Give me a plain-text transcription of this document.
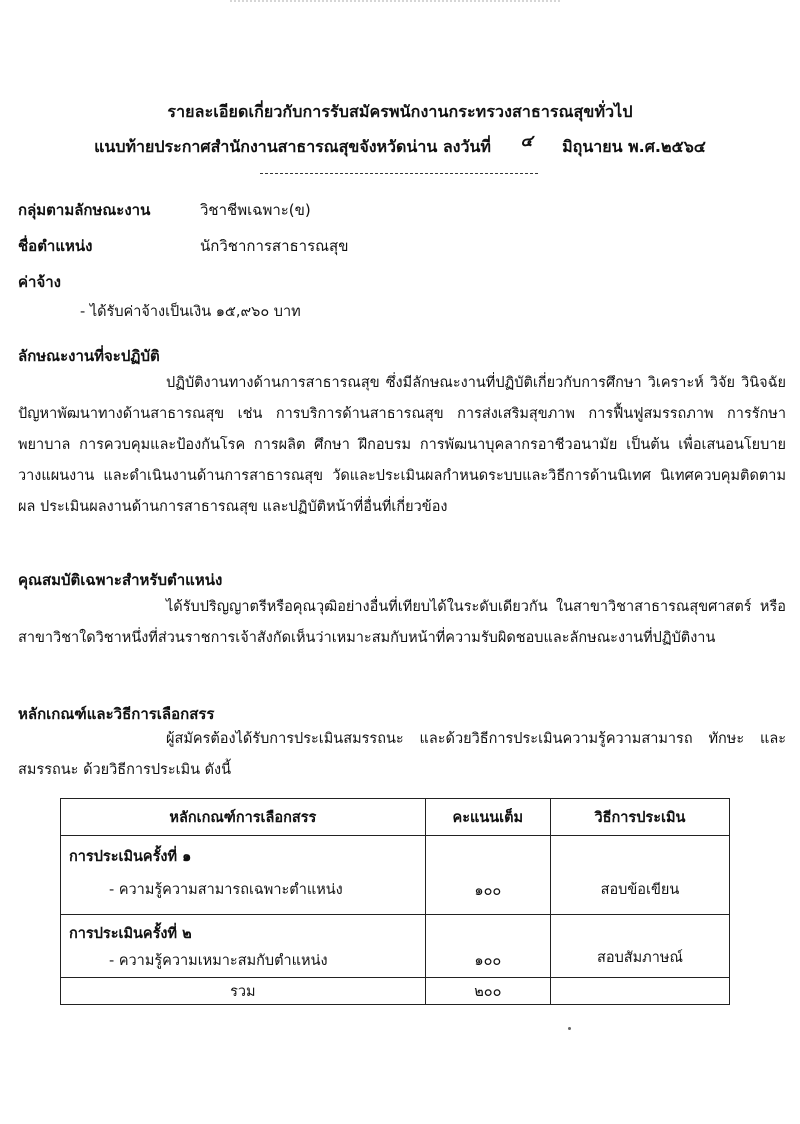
รายละเอียดเกี่ยวกับการรับสมัครพนักงานกระทรวงสาธารณสุขทั่วไป
แนบท้ายประกาศสำนักงานสาธารณสุขจังหวัดน่าน ลงวันที่ ๔ มิถุนายน พ.ศ.๒๕๖๔
กลุ่มตามลักษณะงาน	วิชาชีพเฉพาะ(ข)
ชื่อตำแหน่ง	นักวิชาการสาธารณสุข
ค่าจ้าง
- ได้รับค่าจ้างเป็นเงิน ๑๕,๙๖๐ บาท
ลักษณะงานที่จะปฏิบัติ
ปฏิบัติงานทางด้านการสาธารณสุข ซึ่งมีลักษณะงานที่ปฏิบัติเกี่ยวกับการศึกษา วิเคราะห์ วิจัย วินิจฉัยปัญหาพัฒนาทางด้านสาธารณสุข เช่น การบริการด้านสาธารณสุข การส่งเสริมสุขภาพ การฟื้นฟูสมรรถภาพ การรักษาพยาบาล การควบคุมและป้องกันโรค การผลิต ศึกษา ฝึกอบรม การพัฒนาบุคลากรอาชีวอนามัย เป็นต้น เพื่อเสนอนโยบาย วางแผนงาน และดำเนินงานด้านการสาธารณสุข วัดและประเมินผลกำหนดระบบและวิธีการด้านนิเทศ นิเทศควบคุมติดตามผล ประเมินผลงานด้านการสาธารณสุข และปฏิบัติหน้าที่อื่นที่เกี่ยวข้อง
คุณสมบัติเฉพาะสำหรับตำแหน่ง
ได้รับปริญญาตรีหรือคุณวุฒิอย่างอื่นที่เทียบได้ในระดับเดียวกัน ในสาขาวิชาสาธารณสุขศาสตร์ หรือสาขาวิชาใดวิชาหนึ่งที่ส่วนราชการเจ้าสังกัดเห็นว่าเหมาะสมกับหน้าที่ความรับผิดชอบและลักษณะงานที่ปฏิบัติงาน
หลักเกณฑ์และวิธีการเลือกสรร
ผู้สมัครต้องได้รับการประเมินสมรรถนะ และด้วยวิธีการประเมินความรู้ความสามารถ ทักษะ และสมรรถนะ ด้วยวิธีการประเมิน ดังนี้
หลักเกณฑ์การเลือกสรร	คะแนนเต็ม	วิธีการประเมิน

การประเมินครั้งที่ ๑
- ความรู้ความสามารถเฉพาะตำแหน่ง	๑๐๐	สอบข้อเขียน

การประเมินครั้งที่ ๒
- ความรู้ความเหมาะสมกับตำแหน่ง	๑๐๐	สอบสัมภาษณ์
รวม	๒๐๐	
